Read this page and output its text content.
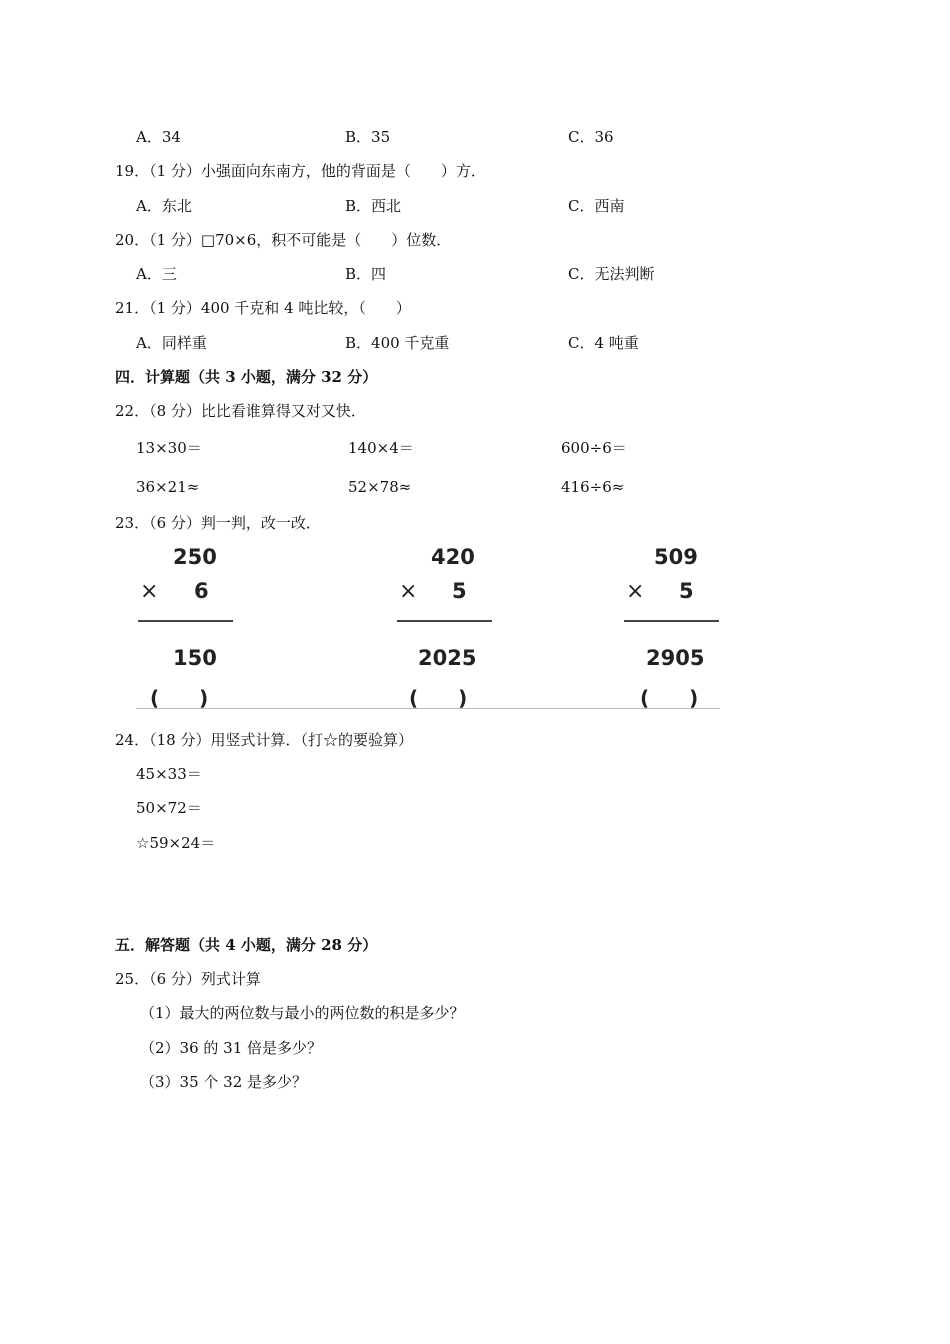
A．34	B．35	C．36
19．（1 分）小强面向东南方，他的背面是（　　）方．
A．东北	B．西北	C．西南
20．（1 分）□70×6，积不可能是（　　）位数．
A．三	B．四	C．无法判断
21．（1 分）400 千克和 4 吨比较，（　　）
A．同样重	B．400 千克重	C．4 吨重
四．计算题（共 3 小题，满分 32 分）
22．（8 分）比比看谁算得又对又快．
13×30＝	140×4＝	600÷6＝
36×21≈	52×78≈	416÷6≈
23．（6 分）判一判，改一改．
250
× 6
150
(　　)
420
× 5
2025
(　　)
509
× 5
2905
(　　)
24．（18 分）用竖式计算．（打☆的要验算）
45×33＝
50×72＝
☆59×24＝
五．解答题（共 4 小题，满分 28 分）
25．（6 分）列式计算
（1）最大的两位数与最小的两位数的积是多少？
（2）36 的 31 倍是多少？
（3）35 个 32 是多少？
